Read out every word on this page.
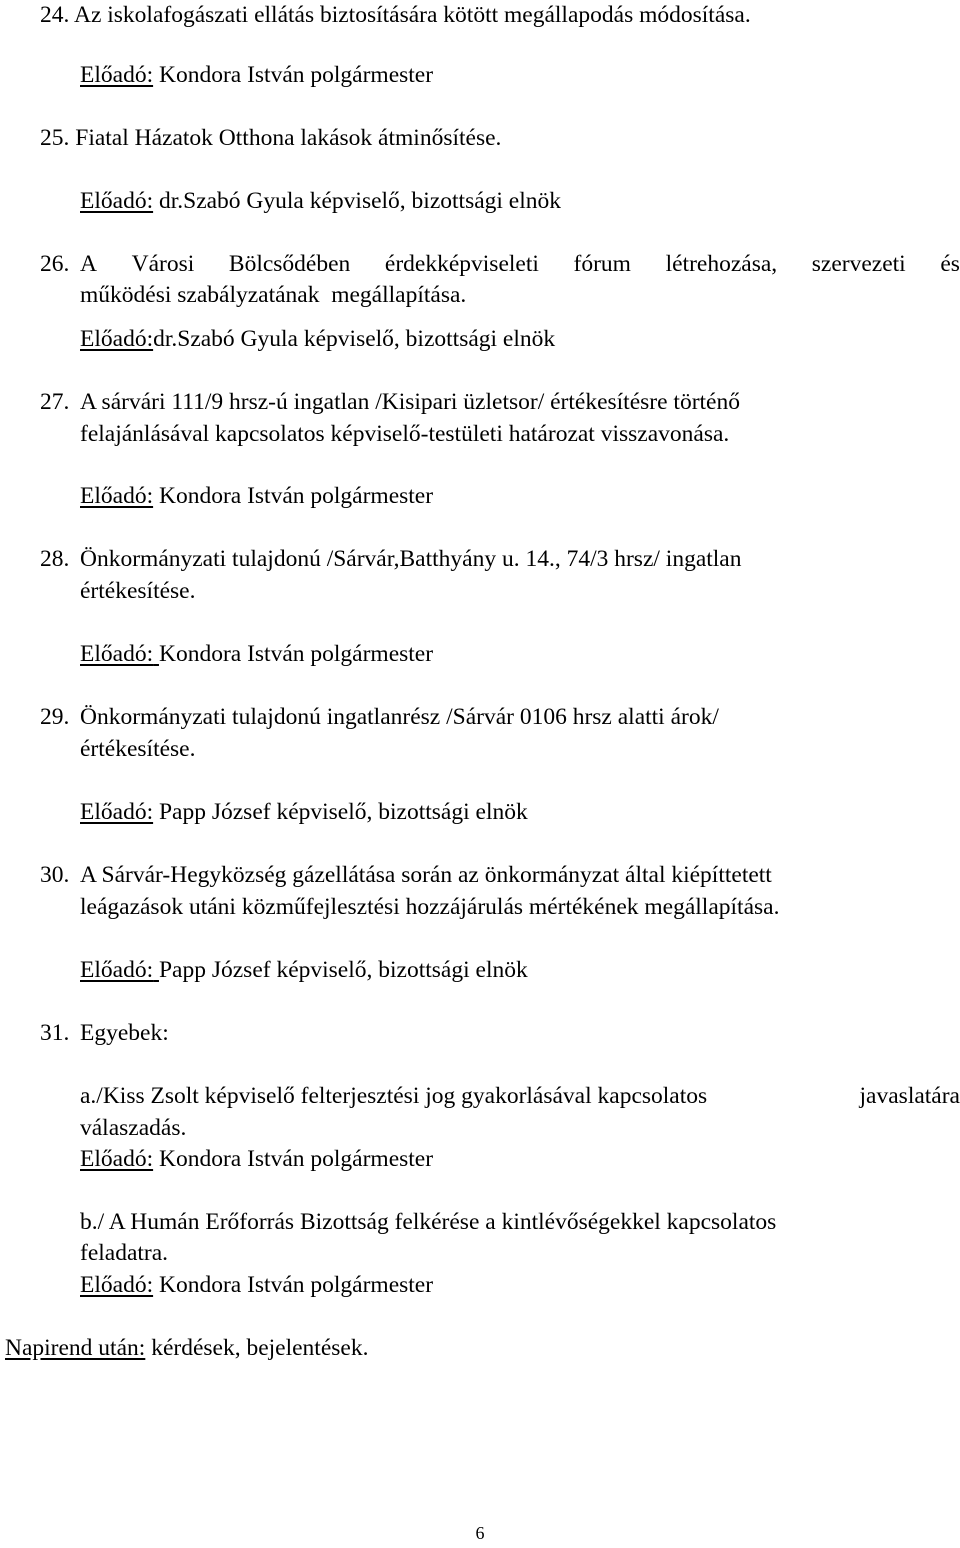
24. Az iskolafogászati ellátás biztosítására kötött megállapodás módosítása.
Előadó: Kondora István polgármester
25. Fiatal Házatok Otthona lakások átminősítése.
Előadó: dr.Szabó Gyula képviselő, bizottsági elnök
26. A Városi Bölcsődében érdekképviseleti fórum létrehozása, szervezeti és
működési szabályzatának  megállapítása.
Előadó:dr.Szabó Gyula képviselő, bizottsági elnök
27. A sárvári 111/9 hrsz-ú ingatlan /Kisipari üzletsor/ értékesítésre történő
felajánlásával kapcsolatos képviselő-testületi határozat visszavonása.
Előadó: Kondora István polgármester
28. Önkormányzati tulajdonú /Sárvár,Batthyány u. 14., 74/3 hrsz/ ingatlan
értékesítése.
Előadó: Kondora István polgármester
29. Önkormányzati tulajdonú ingatlanrész /Sárvár 0106 hrsz alatti árok/
értékesítése.
Előadó: Papp József képviselő, bizottsági elnök
30. A Sárvár-Hegyközség gázellátása során az önkormányzat által kiépíttetett
leágazások utáni közműfejlesztési hozzájárulás mértékének megállapítása.
Előadó: Papp József képviselő, bizottsági elnök
31. Egyebek:
a./Kiss Zsolt képviselő felterjesztési jog gyakorlásával kapcsolatos	javaslatára
válaszadás.
Előadó: Kondora István polgármester
b./ A Humán Erőforrás Bizottság felkérése a kintlévőségekkel kapcsolatos
feladatra.
Előadó: Kondora István polgármester
Napirend után: kérdések, bejelentések.
6
